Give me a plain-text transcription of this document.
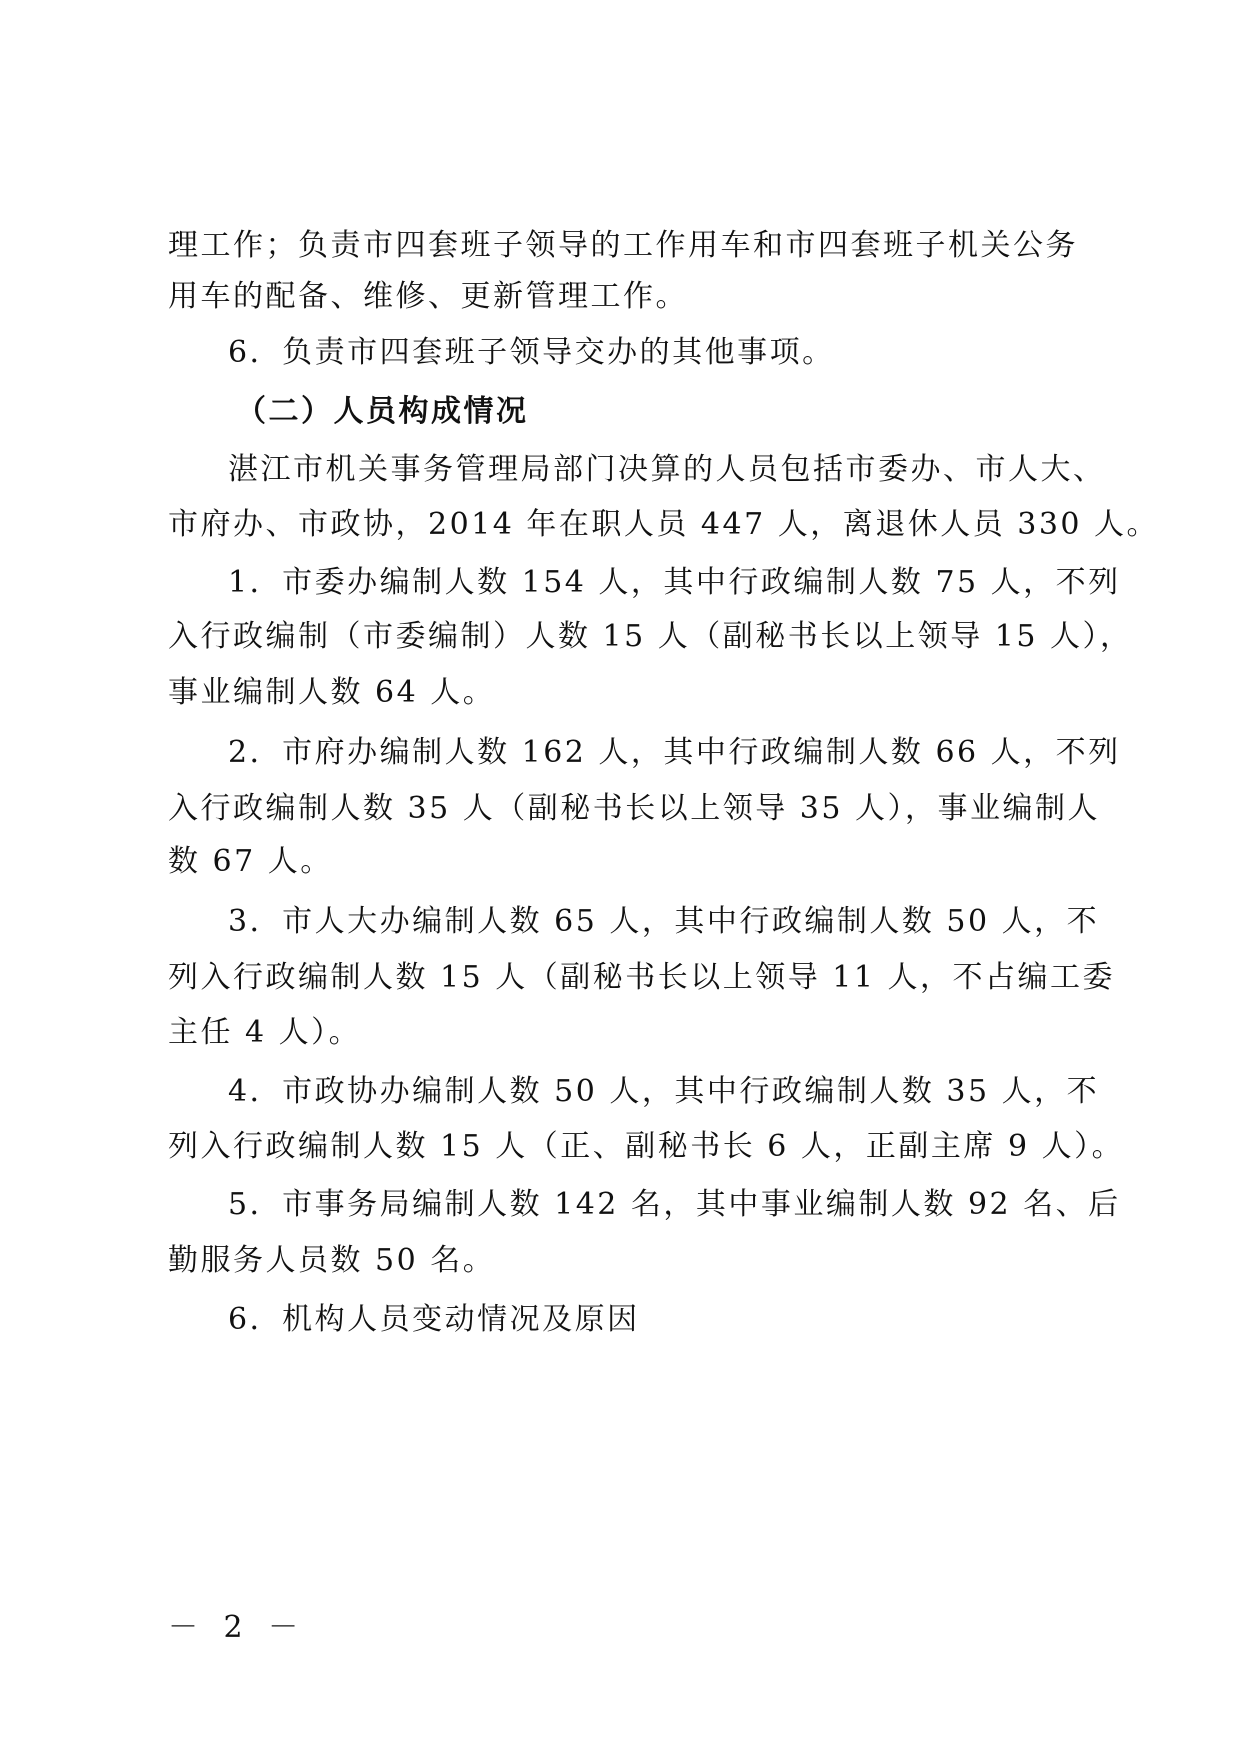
理工作；负责市四套班子领导的工作用车和市四套班子机关公务
用车的配备、维修、更新管理工作。
6．负责市四套班子领导交办的其他事项。
（二）人员构成情况
湛江市机关事务管理局部门决算的人员包括市委办、市人大、
市府办、市政协，2014 年在职人员 447 人，离退休人员 330 人。
1．市委办编制人数 154 人，其中行政编制人数 75 人，不列
入行政编制（市委编制）人数 15 人（副秘书长以上领导 15 人），
事业编制人数 64 人。
2．市府办编制人数 162 人，其中行政编制人数 66 人，不列
入行政编制人数 35 人（副秘书长以上领导 35 人），事业编制人
数 67 人。
3．市人大办编制人数 65 人，其中行政编制人数 50 人，不
列入行政编制人数 15 人（副秘书长以上领导 11 人，不占编工委
主任 4 人）。
4．市政协办编制人数 50 人，其中行政编制人数 35 人，不
列入行政编制人数 15 人（正、副秘书长 6 人，正副主席 9 人）。
5．市事务局编制人数 142 名，其中事业编制人数 92 名、后
勤服务人员数 50 名。
6．机构人员变动情况及原因
－ 2 －
